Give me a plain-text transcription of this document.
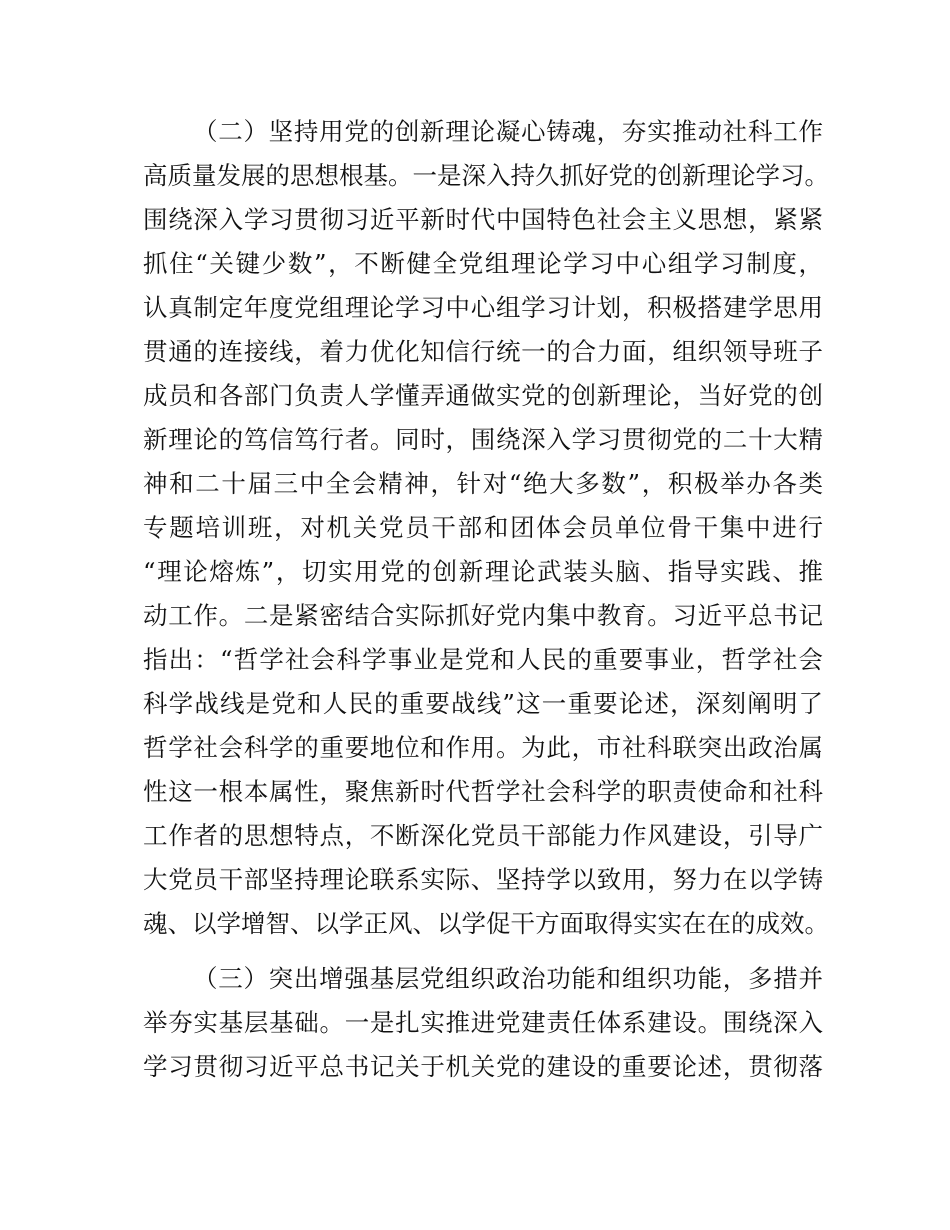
（二）坚持用党的创新理论凝心铸魂，夯实推动社科工作
高质量发展的思想根基。一是深入持久抓好党的创新理论学习。
围绕深入学习贯彻习近平新时代中国特色社会主义思想，紧紧
抓住“关键少数”，不断健全党组理论学习中心组学习制度，
认真制定年度党组理论学习中心组学习计划，积极搭建学思用
贯通的连接线，着力优化知信行统一的合力面，组织领导班子
成员和各部门负责人学懂弄通做实党的创新理论，当好党的创
新理论的笃信笃行者。同时，围绕深入学习贯彻党的二十大精
神和二十届三中全会精神，针对“绝大多数”，积极举办各类
专题培训班，对机关党员干部和团体会员单位骨干集中进行
“理论熔炼”，切实用党的创新理论武装头脑、指导实践、推
动工作。二是紧密结合实际抓好党内集中教育。习近平总书记
指出：“哲学社会科学事业是党和人民的重要事业，哲学社会
科学战线是党和人民的重要战线”这一重要论述，深刻阐明了
哲学社会科学的重要地位和作用。为此，市社科联突出政治属
性这一根本属性，聚焦新时代哲学社会科学的职责使命和社科
工作者的思想特点，不断深化党员干部能力作风建设，引导广
大党员干部坚持理论联系实际、坚持学以致用，努力在以学铸
魂、以学增智、以学正风、以学促干方面取得实实在在的成效。
（三）突出增强基层党组织政治功能和组织功能，多措并
举夯实基层基础。一是扎实推进党建责任体系建设。围绕深入
学习贯彻习近平总书记关于机关党的建设的重要论述，贯彻落
